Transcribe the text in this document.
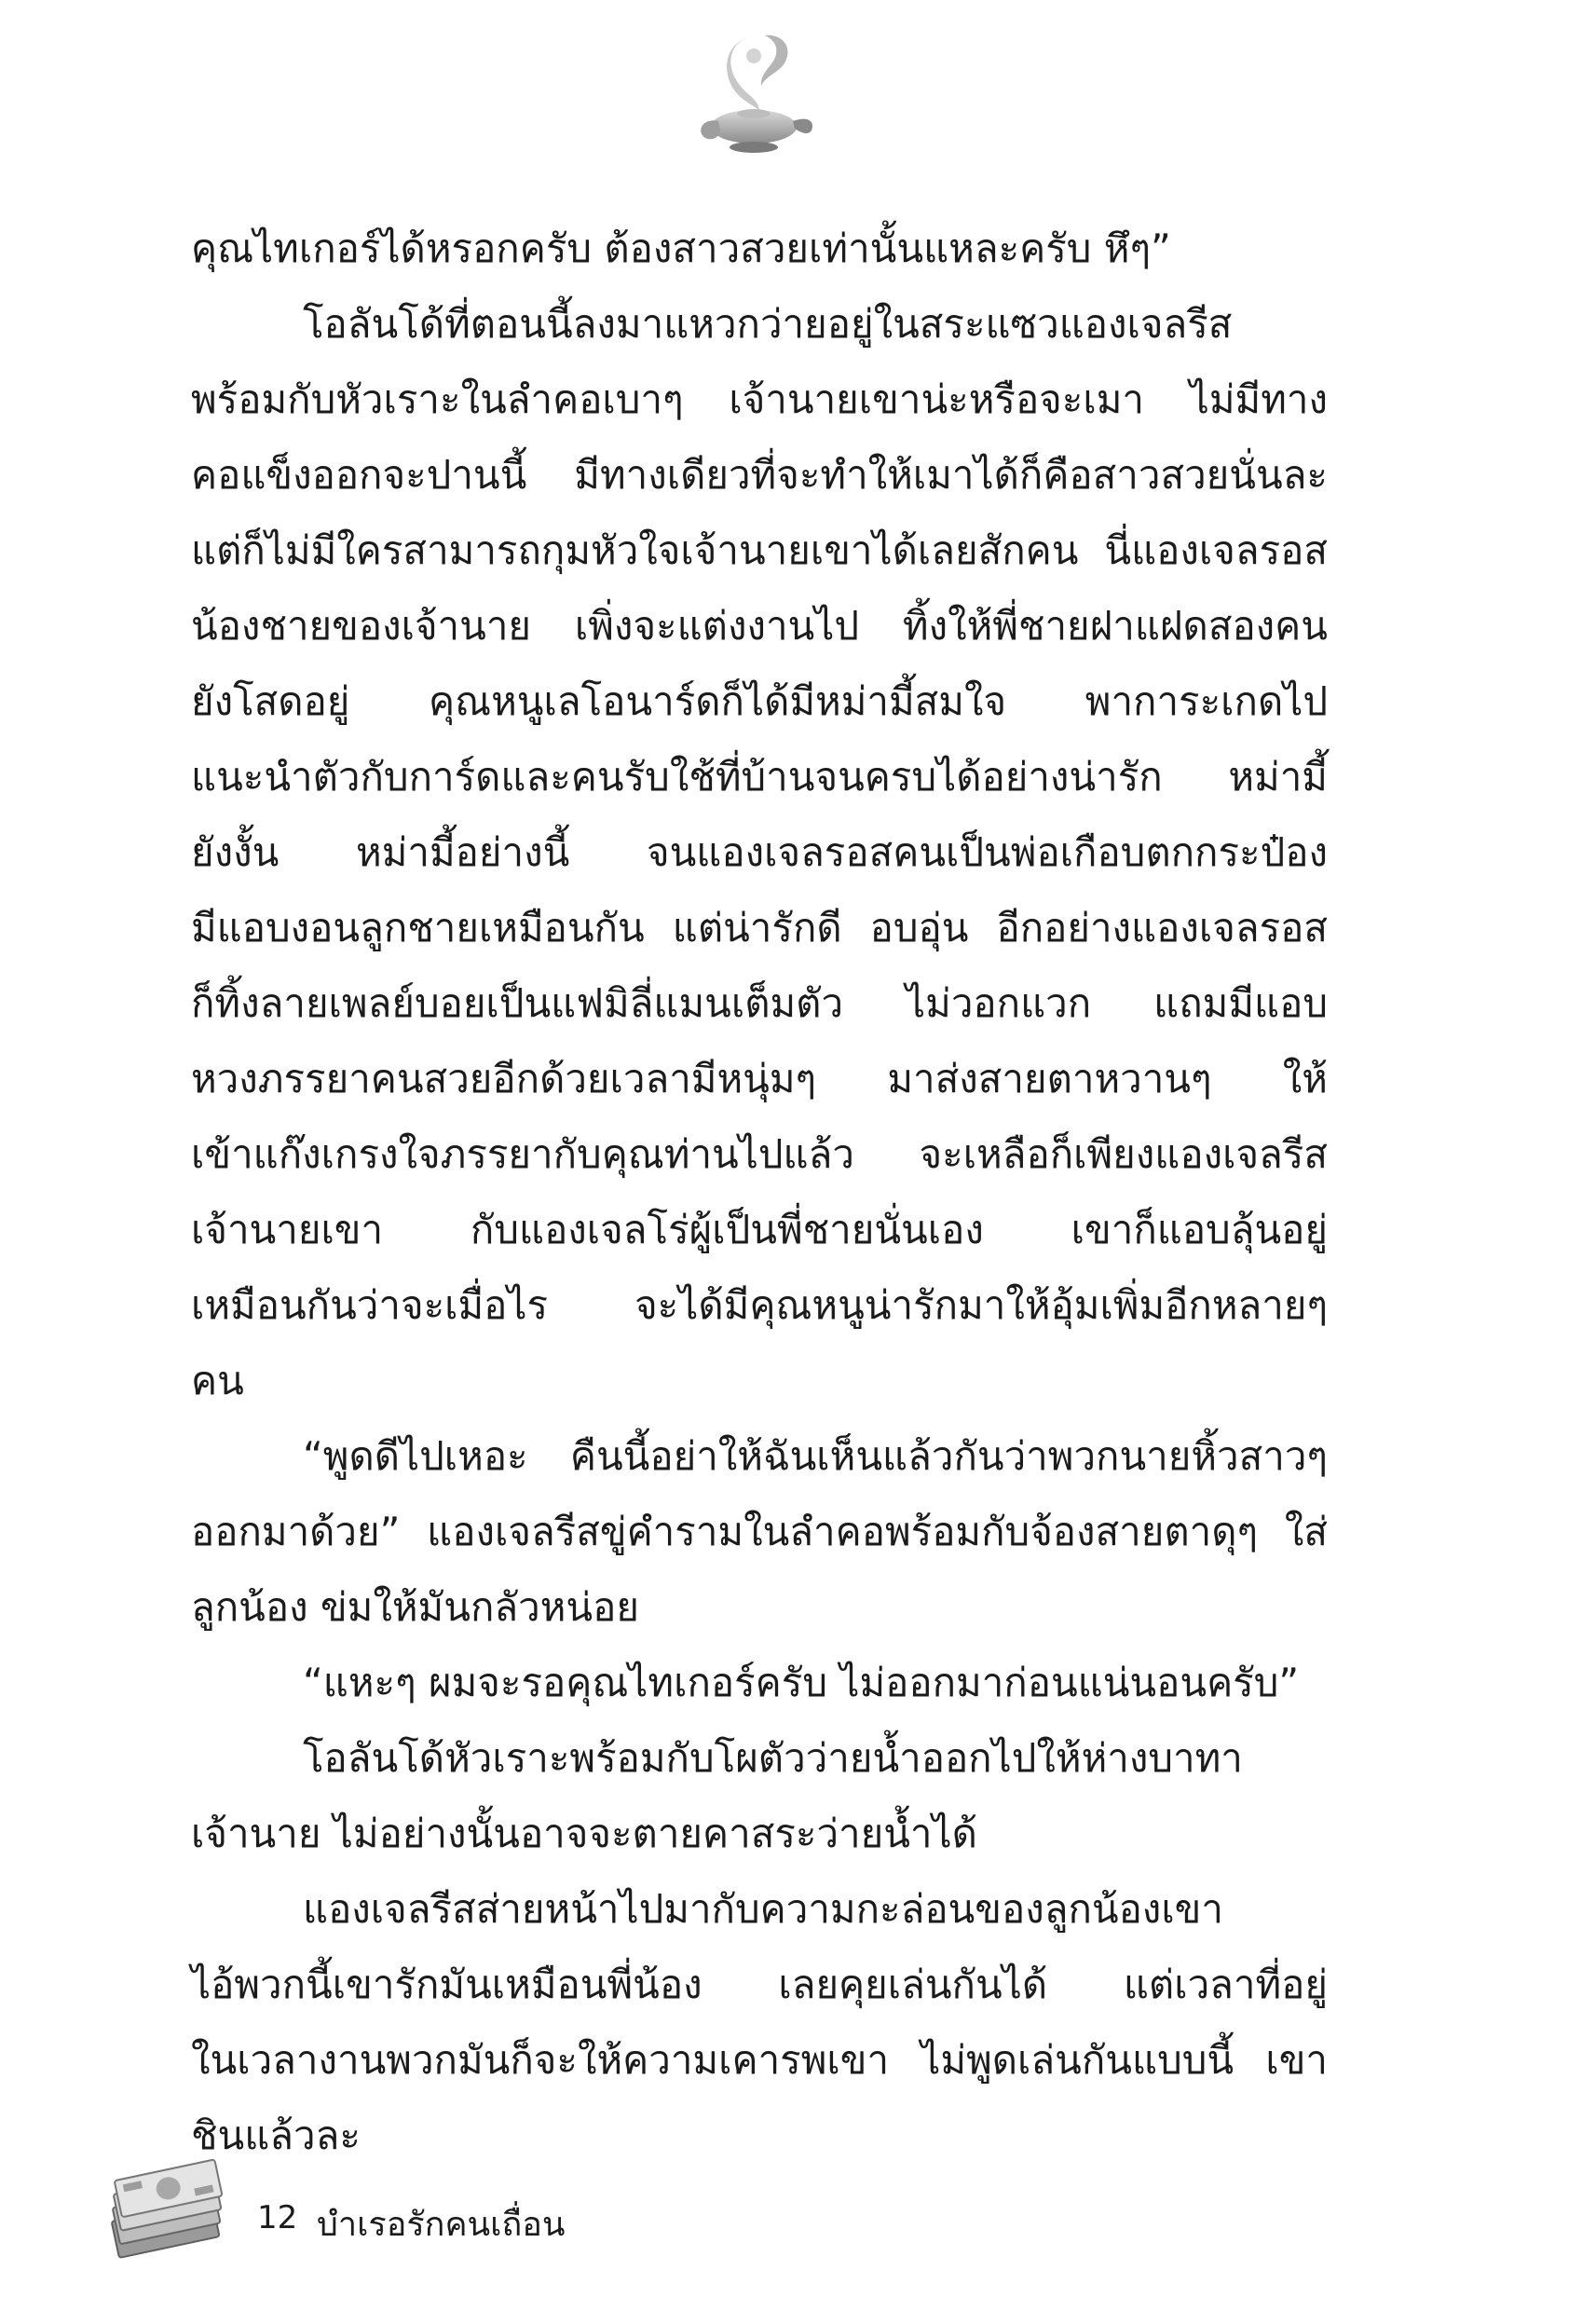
คุณไทเกอร์ได้หรอกครับ ต้องสาวสวยเท่านั้นแหละครับ หึๆ”
โอลันโด้ที่ตอนนี้ลงมาแหวกว่ายอยู่ในสระแซวแองเจลรีส
พร้อมกับหัวเราะในลำคอเบาๆ เจ้านายเขาน่ะหรือจะเมา ไม่มีทาง
คอแข็งออกจะปานนี้ มีทางเดียวที่จะทำให้เมาได้ก็คือสาวสวยนั่นละ
แต่ก็ไม่มีใครสามารถกุมหัวใจเจ้านายเขาได้เลยสักคน นี่แองเจลรอส
น้องชายของเจ้านาย เพิ่งจะแต่งงานไป ทิ้งให้พี่ชายฝาแฝดสองคน
ยังโสดอยู่ คุณหนูเลโอนาร์ดก็ได้มีหม่ามี้สมใจ พาการะเกดไป
แนะนำตัวกับการ์ดและคนรับใช้ที่บ้านจนครบได้อย่างน่ารัก หม่ามี้
ยังงั้น หม่ามี้อย่างนี้ จนแองเจลรอสคนเป็นพ่อเกือบตกกระป๋อง
มีแอบงอนลูกชายเหมือนกัน แต่น่ารักดี อบอุ่น อีกอย่างแองเจลรอส
ก็ทิ้งลายเพลย์บอยเป็นแฟมิลี่แมนเต็มตัว ไม่วอกแวก แถมมีแอบ
หวงภรรยาคนสวยอีกด้วยเวลามีหนุ่มๆ มาส่งสายตาหวานๆ ให้
เข้าแก๊งเกรงใจภรรยากับคุณท่านไปแล้ว จะเหลือก็เพียงแองเจลรีส
เจ้านายเขา กับแองเจลโร่ผู้เป็นพี่ชายนั่นเอง เขาก็แอบลุ้นอยู่
เหมือนกันว่าจะเมื่อไร จะได้มีคุณหนูน่ารักมาให้อุ้มเพิ่มอีกหลายๆ
คน
“พูดดีไปเหอะ คืนนี้อย่าให้ฉันเห็นแล้วกันว่าพวกนายหิ้วสาวๆ
ออกมาด้วย” แองเจลรีสขู่คำรามในลำคอพร้อมกับจ้องสายตาดุๆ ใส่
ลูกน้อง ข่มให้มันกลัวหน่อย
“แหะๆ ผมจะรอคุณไทเกอร์ครับ ไม่ออกมาก่อนแน่นอนครับ”
โอลันโด้หัวเราะพร้อมกับโผตัวว่ายน้ำออกไปให้ห่างบาทา
เจ้านาย ไม่อย่างนั้นอาจจะตายคาสระว่ายน้ำได้
แองเจลรีสส่ายหน้าไปมากับความกะล่อนของลูกน้องเขา
ไอ้พวกนี้เขารักมันเหมือนพี่น้อง เลยคุยเล่นกันได้ แต่เวลาที่อยู่
ในเวลางานพวกมันก็จะให้ความเคารพเขา ไม่พูดเล่นกันแบบนี้ เขา
ชินแล้วละ
12 บำเรอรักคนเถื่อน
